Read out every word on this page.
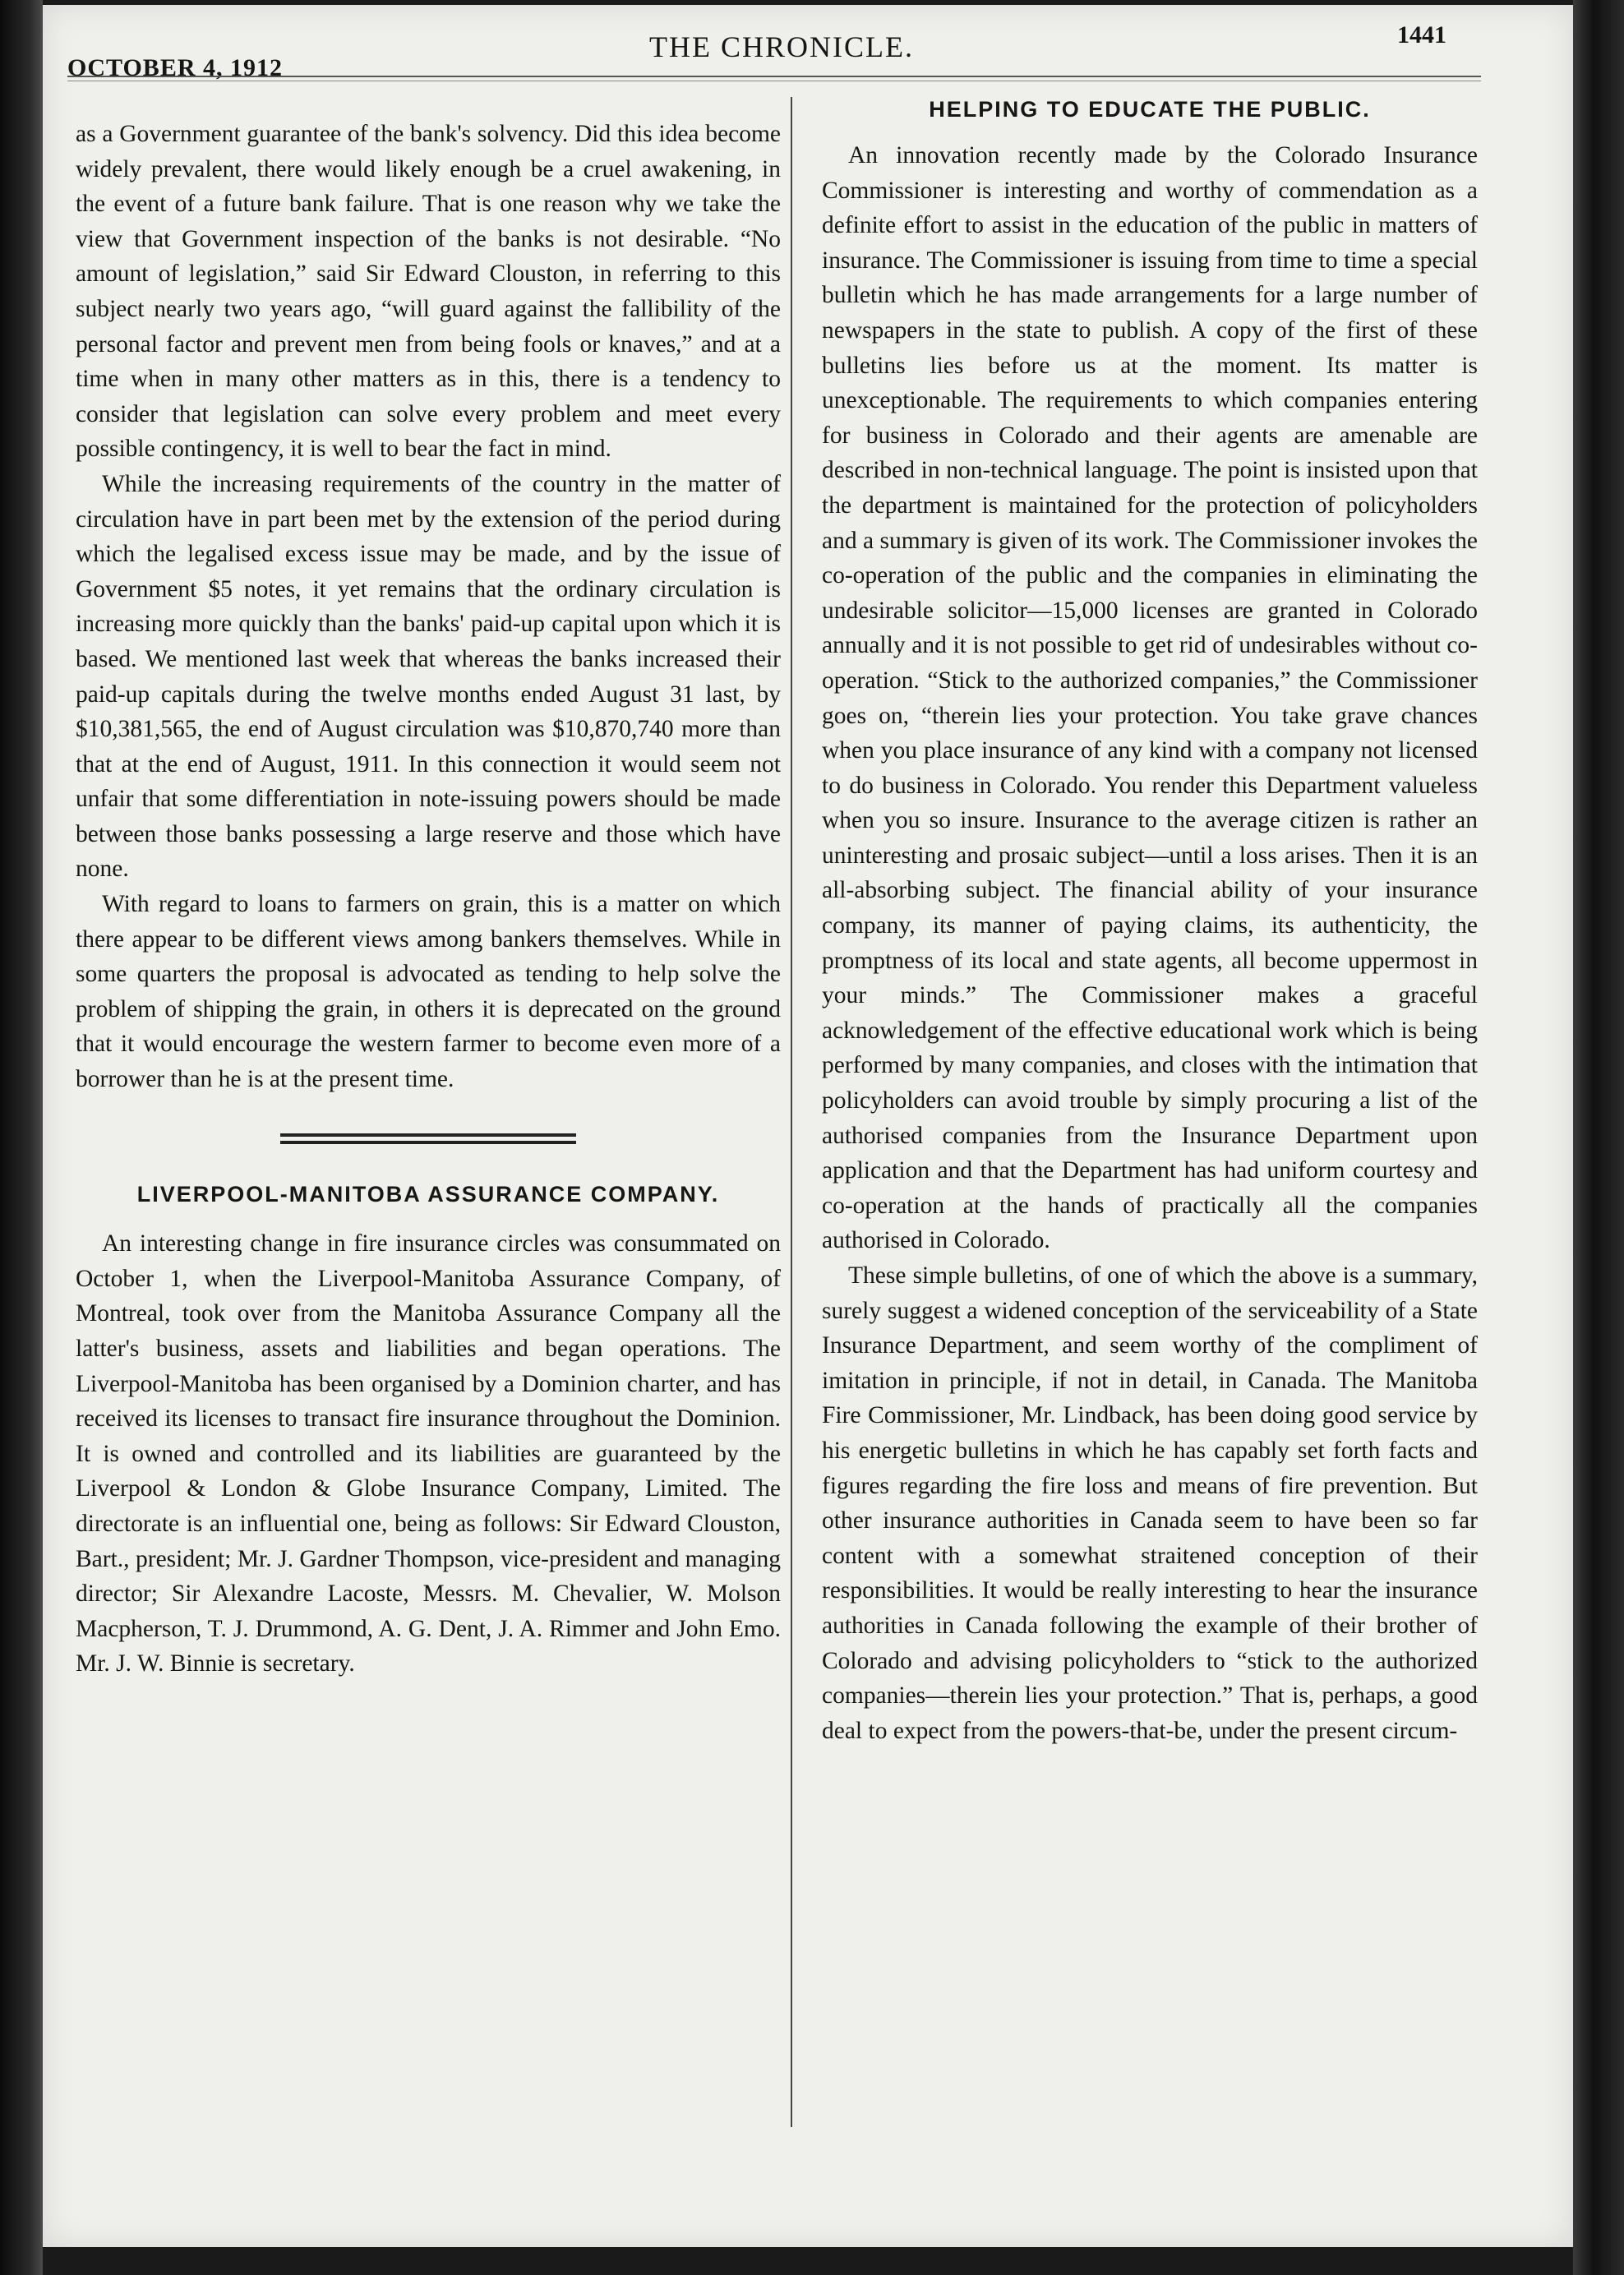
OCTOBER 4, 1912
THE CHRONICLE.	1441

as a Government guarantee of the bank's solvency. Did this idea become widely prevalent, there would likely enough be a cruel awakening, in the event of a future bank failure. That is one reason why we take the view that Government inspection of the banks is not desirable. “No amount of legislation,” said Sir Edward Clouston, in referring to this subject nearly two years ago, “will guard against the fallibility of the personal factor and prevent men from being fools or knaves,” and at a time when in many other matters as in this, there is a tendency to consider that legislation can solve every problem and meet every possible contingency, it is well to bear the fact in mind.

While the increasing requirements of the country in the matter of circulation have in part been met by the extension of the period during which the legalised excess issue may be made, and by the issue of Government $5 notes, it yet remains that the ordinary circulation is increasing more quickly than the banks' paid-up capital upon which it is based. We mentioned last week that whereas the banks increased their paid-up capitals during the twelve months ended August 31 last, by $10,381,565, the end of August circulation was $10,870,740 more than that at the end of August, 1911. In this connection it would seem not unfair that some differentiation in note-issuing powers should be made between those banks possessing a large reserve and those which have none.

With regard to loans to farmers on grain, this is a matter on which there appear to be different views among bankers themselves. While in some quarters the proposal is advocated as tending to help solve the problem of shipping the grain, in others it is deprecated on the ground that it would encourage the western farmer to become even more of a borrower than he is at the present time.

LIVERPOOL-MANITOBA ASSURANCE COMPANY.

An interesting change in fire insurance circles was consummated on October 1, when the Liverpool-Manitoba Assurance Company, of Montreal, took over from the Manitoba Assurance Company all the latter's business, assets and liabilities and began operations. The Liverpool-Manitoba has been organised by a Dominion charter, and has received its licenses to transact fire insurance throughout the Dominion. It is owned and controlled and its liabilities are guaranteed by the Liverpool & London & Globe Insurance Company, Limited. The directorate is an influential one, being as follows: Sir Edward Clouston, Bart., president; Mr. J. Gardner Thompson, vice-president and managing director; Sir Alexandre Lacoste, Messrs. M. Chevalier, W. Molson Macpherson, T. J. Drummond, A. G. Dent, J. A. Rimmer and John Emo. Mr. J. W. Binnie is secretary.

HELPING TO EDUCATE THE PUBLIC.

An innovation recently made by the Colorado Insurance Commissioner is interesting and worthy of commendation as a definite effort to assist in the education of the public in matters of insurance. The Commissioner is issuing from time to time a special bulletin which he has made arrangements for a large number of newspapers in the state to publish. A copy of the first of these bulletins lies before us at the moment. Its matter is unexceptionable. The requirements to which companies entering for business in Colorado and their agents are amenable are described in non-technical language. The point is insisted upon that the department is maintained for the protection of policyholders and a summary is given of its work. The Commissioner invokes the co-operation of the public and the companies in eliminating the undesirable solicitor—15,000 licenses are granted in Colorado annually and it is not possible to get rid of undesirables without co-operation. “Stick to the authorized companies,” the Commissioner goes on, “therein lies your protection. You take grave chances when you place insurance of any kind with a company not licensed to do business in Colorado. You render this Department valueless when you so insure. Insurance to the average citizen is rather an uninteresting and prosaic subject—until a loss arises. Then it is an all-absorbing subject. The financial ability of your insurance company, its manner of paying claims, its authenticity, the promptness of its local and state agents, all become uppermost in your minds.” The Commissioner makes a graceful acknowledgement of the effective educational work which is being performed by many companies, and closes with the intimation that policyholders can avoid trouble by simply procuring a list of the authorised companies from the Insurance Department upon application and that the Department has had uniform courtesy and co-operation at the hands of practically all the companies authorised in Colorado.

These simple bulletins, of one of which the above is a summary, surely suggest a widened conception of the serviceability of a State Insurance Department, and seem worthy of the compliment of imitation in principle, if not in detail, in Canada. The Manitoba Fire Commissioner, Mr. Lindback, has been doing good service by his energetic bulletins in which he has capably set forth facts and figures regarding the fire loss and means of fire prevention. But other insurance authorities in Canada seem to have been so far content with a somewhat straitened conception of their responsibilities. It would be really interesting to hear the insurance authorities in Canada following the example of their brother of Colorado and advising policyholders to “stick to the authorized companies—therein lies your protection.” That is, perhaps, a good deal to expect from the powers-that-be, under the present circum-
